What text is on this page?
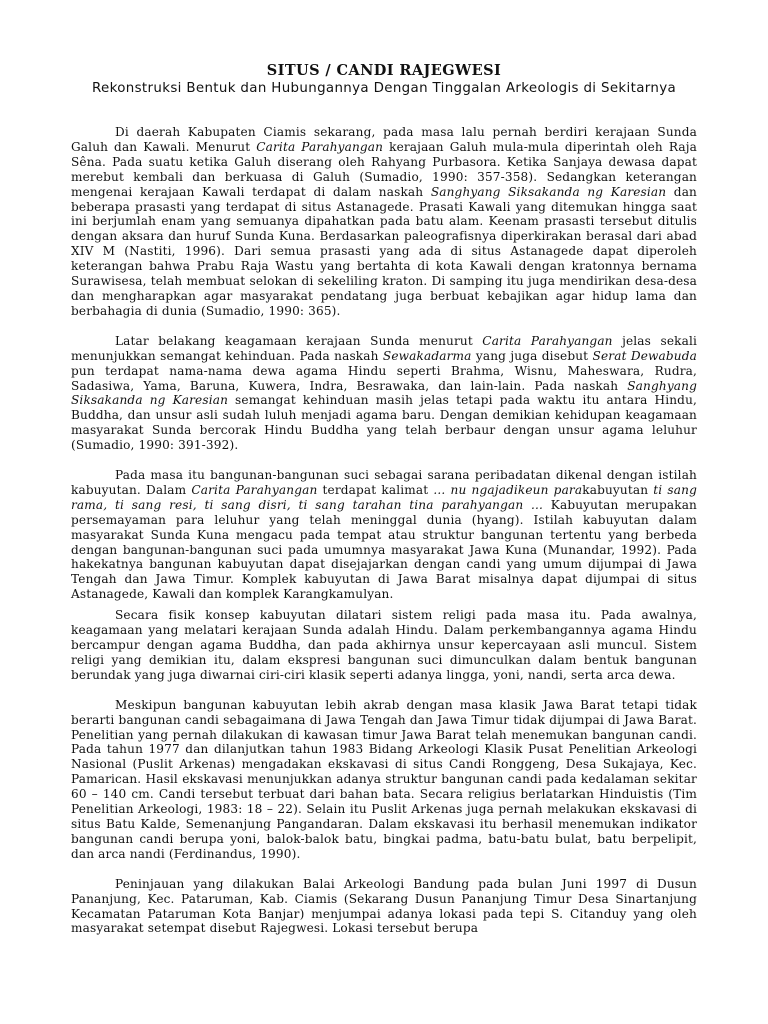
SITUS / CANDI RAJEGWESI
Rekonstruksi Bentuk dan Hubungannya Dengan Tinggalan Arkeologis di Sekitarnya

Di daerah Kabupaten Ciamis sekarang, pada masa lalu pernah berdiri kerajaan Sunda Galuh dan Kawali. Menurut Carita Parahyangan kerajaan Galuh mula-mula diperintah oleh Raja Sêna. Pada suatu ketika Galuh diserang oleh Rahyang Purbasora. Ketika Sanjaya dewasa dapat merebut kembali dan berkuasa di Galuh (Sumadio, 1990: 357-358). Sedangkan keterangan mengenai kerajaan Kawali terdapat di dalam naskah Sanghyang Siksakanda ng Karesian dan beberapa prasasti yang terdapat di situs Astanagede. Prasati Kawali yang ditemukan hingga saat ini berjumlah enam yang semuanya dipahatkan pada batu alam. Keenam prasasti tersebut ditulis dengan aksara dan huruf Sunda Kuna. Berdasarkan paleografisnya diperkirakan berasal dari abad XIV M (Nastiti, 1996). Dari semua prasasti yang ada di situs Astanagede dapat diperoleh keterangan bahwa Prabu Raja Wastu yang bertahta di kota Kawali dengan kratonnya bernama Surawisesa, telah membuat selokan di sekeliling kraton. Di samping itu juga mendirikan desa-desa dan mengharapkan agar masyarakat pendatang juga berbuat kebajikan agar hidup lama dan berbahagia di dunia (Sumadio, 1990: 365).

Latar belakang keagamaan kerajaan Sunda menurut Carita Parahyangan jelas sekali menunjukkan semangat kehinduan. Pada naskah Sewakadarma yang juga disebut Serat Dewabuda pun terdapat nama-nama dewa agama Hindu seperti Brahma, Wisnu, Maheswara, Rudra, Sadasiwa, Yama, Baruna, Kuwera, Indra, Besrawaka, dan lain-lain. Pada naskah Sanghyang Siksakanda ng Karesian semangat kehinduan masih jelas tetapi pada waktu itu antara Hindu, Buddha, dan unsur asli sudah luluh menjadi agama baru. Dengan demikian kehidupan keagamaan masyarakat Sunda bercorak Hindu Buddha yang telah berbaur dengan unsur agama leluhur (Sumadio, 1990: 391-392).

Pada masa itu bangunan-bangunan suci sebagai sarana peribadatan dikenal dengan istilah kabuyutan. Dalam Carita Parahyangan terdapat kalimat ... nu ngajadikeun parakabuyutan ti sang rama, ti sang resi, ti sang disri, ti sang tarahan tina parahyangan ... Kabuyutan merupakan persemayaman para leluhur yang telah meninggal dunia (hyang). Istilah kabuyutan dalam masyarakat Sunda Kuna mengacu pada tempat atau struktur bangunan tertentu yang berbeda dengan bangunan-bangunan suci pada umumnya masyarakat Jawa Kuna (Munandar, 1992). Pada hakekatnya bangunan kabuyutan dapat disejajarkan dengan candi yang umum dijumpai di Jawa Tengah dan Jawa Timur. Komplek kabuyutan di Jawa Barat misalnya dapat dijumpai di situs Astanagede, Kawali dan komplek Karangkamulyan.

Secara fisik konsep kabuyutan dilatari sistem religi pada masa itu. Pada awalnya, keagamaan yang melatari kerajaan Sunda adalah Hindu. Dalam perkembangannya agama Hindu bercampur dengan agama Buddha, dan pada akhirnya unsur kepercayaan asli muncul. Sistem religi yang demikian itu, dalam ekspresi bangunan suci dimunculkan dalam bentuk bangunan berundak yang juga diwarnai ciri-ciri klasik seperti adanya lingga, yoni, nandi, serta arca dewa.

Meskipun bangunan kabuyutan lebih akrab dengan masa klasik Jawa Barat tetapi tidak berarti bangunan candi sebagaimana di Jawa Tengah dan Jawa Timur tidak dijumpai di Jawa Barat. Penelitian yang pernah dilakukan di kawasan timur Jawa Barat telah menemukan bangunan candi. Pada tahun 1977 dan dilanjutkan tahun 1983 Bidang Arkeologi Klasik Pusat Penelitian Arkeologi Nasional (Puslit Arkenas) mengadakan ekskavasi di situs Candi Ronggeng, Desa Sukajaya, Kec. Pamarican. Hasil ekskavasi menunjukkan adanya struktur bangunan candi pada kedalaman sekitar 60 – 140 cm. Candi tersebut terbuat dari bahan bata. Secara religius berlatarkan Hinduistis (Tim Penelitian Arkeologi, 1983: 18 – 22). Selain itu Puslit Arkenas juga pernah melakukan ekskavasi di situs Batu Kalde, Semenanjung Pangandaran. Dalam ekskavasi itu berhasil menemukan indikator bangunan candi berupa yoni, balok-balok batu, bingkai padma, batu-batu bulat, batu berpelipit, dan arca nandi (Ferdinandus, 1990).

Peninjauan yang dilakukan Balai Arkeologi Bandung pada bulan Juni 1997 di Dusun Pananjung, Kec. Pataruman, Kab. Ciamis (Sekarang Dusun Pananjung Timur Desa Sinartanjung Kecamatan Pataruman Kota Banjar) menjumpai adanya lokasi pada tepi S. Citanduy yang oleh masyarakat setempat disebut Rajegwesi. Lokasi tersebut berupa
